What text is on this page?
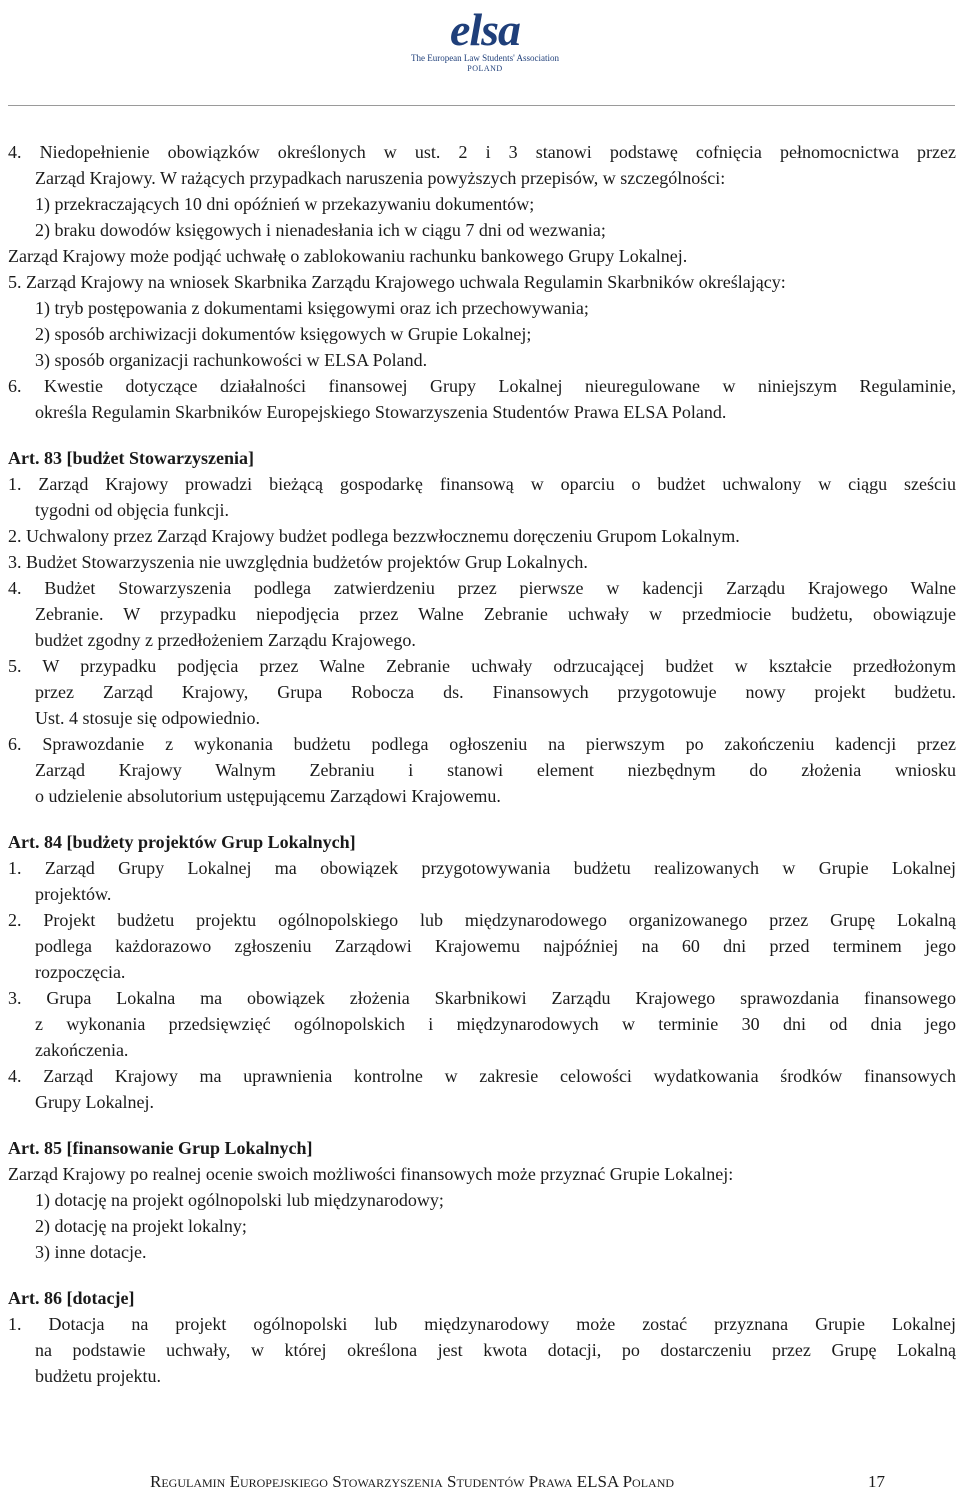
elsa
The European Law Students' Association
POLAND
4. Niedopełnienie obowiązków określonych w ust. 2 i 3 stanowi podstawę cofnięcia pełnomocnictwa przez
Zarząd Krajowy. W rażących przypadkach naruszenia powyższych przepisów, w szczególności:
1) przekraczających 10 dni opóźnień w przekazywaniu dokumentów;
2) braku dowodów księgowych i nienadesłania ich w ciągu 7 dni od wezwania;
Zarząd Krajowy może podjąć uchwałę o zablokowaniu rachunku bankowego Grupy Lokalnej.
5. Zarząd Krajowy na wniosek Skarbnika Zarządu Krajowego uchwala Regulamin Skarbników określający:
1) tryb postępowania z dokumentami księgowymi oraz ich przechowywania;
2) sposób archiwizacji dokumentów księgowych w Grupie Lokalnej;
3) sposób organizacji rachunkowości w ELSA Poland.
6. Kwestie dotyczące działalności finansowej Grupy Lokalnej nieuregulowane w niniejszym Regulaminie,
określa Regulamin Skarbników Europejskiego Stowarzyszenia Studentów Prawa ELSA Poland.
Art. 83 [budżet Stowarzyszenia]
1. Zarząd Krajowy prowadzi bieżącą gospodarkę finansową w oparciu o budżet uchwalony w ciągu sześciu
tygodni od objęcia funkcji.
2. Uchwalony przez Zarząd Krajowy budżet podlega bezzwłocznemu doręczeniu Grupom Lokalnym.
3. Budżet Stowarzyszenia nie uwzględnia budżetów projektów Grup Lokalnych.
4. Budżet Stowarzyszenia podlega zatwierdzeniu przez pierwsze w kadencji Zarządu Krajowego Walne
Zebranie. W przypadku niepodjęcia przez Walne Zebranie uchwały w przedmiocie budżetu, obowiązuje
budżet zgodny z przedłożeniem Zarządu Krajowego.
5. W przypadku podjęcia przez Walne Zebranie uchwały odrzucającej budżet w kształcie przedłożonym
przez Zarząd Krajowy, Grupa Robocza ds. Finansowych przygotowuje nowy projekt budżetu.
Ust. 4 stosuje się odpowiednio.
6. Sprawozdanie z wykonania budżetu podlega ogłoszeniu na pierwszym po zakończeniu kadencji przez
Zarząd Krajowy Walnym Zebraniu i stanowi element niezbędnym do złożenia wniosku
o udzielenie absolutorium ustępującemu Zarządowi Krajowemu.
Art. 84 [budżety projektów Grup Lokalnych]
1. Zarząd Grupy Lokalnej ma obowiązek przygotowywania budżetu realizowanych w Grupie Lokalnej
projektów.
2. Projekt budżetu projektu ogólnopolskiego lub międzynarodowego organizowanego przez Grupę Lokalną
podlega każdorazowo zgłoszeniu Zarządowi Krajowemu najpóźniej na 60 dni przed terminem jego
rozpoczęcia.
3. Grupa Lokalna ma obowiązek złożenia Skarbnikowi Zarządu Krajowego sprawozdania finansowego
z wykonania przedsięwzięć ogólnopolskich i międzynarodowych w terminie 30 dni od dnia jego
zakończenia.
4. Zarząd Krajowy ma uprawnienia kontrolne w zakresie celowości wydatkowania środków finansowych
Grupy Lokalnej.
Art. 85 [finansowanie Grup Lokalnych]
Zarząd Krajowy po realnej ocenie swoich możliwości finansowych może przyznać Grupie Lokalnej:
1) dotację na projekt ogólnopolski lub międzynarodowy;
2) dotację na projekt lokalny;
3) inne dotacje.
Art. 86 [dotacje]
1. Dotacja na projekt ogólnopolski lub międzynarodowy może zostać przyznana Grupie Lokalnej
na podstawie uchwały, w której określona jest kwota dotacji, po dostarczeniu przez Grupę Lokalną
budżetu projektu.
Regulamin Europejskiego Stowarzyszenia Studentów Prawa ELSA Poland	17
